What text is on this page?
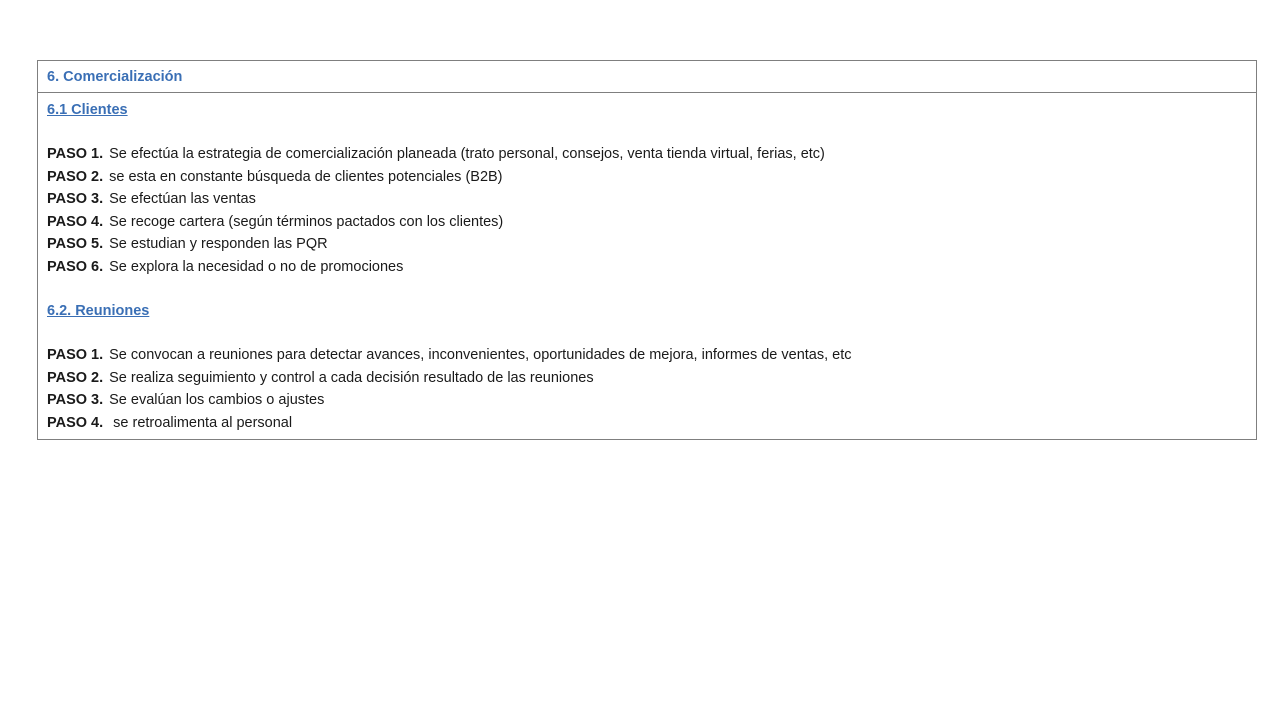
6. Comercialización
6.1 Clientes
PASO 1. Se efectúa la estrategia de comercialización planeada (trato personal, consejos, venta tienda virtual, ferias, etc)
PASO 2. se esta en constante búsqueda de clientes potenciales (B2B)
PASO 3. Se efectúan las ventas
PASO 4. Se recoge cartera (según términos pactados con los clientes)
PASO 5. Se estudian y responden las PQR
PASO 6. Se explora la necesidad o no de promociones
6.2. Reuniones
PASO 1. Se convocan a reuniones para detectar avances, inconvenientes, oportunidades de mejora, informes de ventas, etc
PASO 2. Se realiza seguimiento y control a cada decisión resultado de las reuniones
PASO 3. Se evalúan los cambios o ajustes
PASO 4. se retroalimenta al personal
